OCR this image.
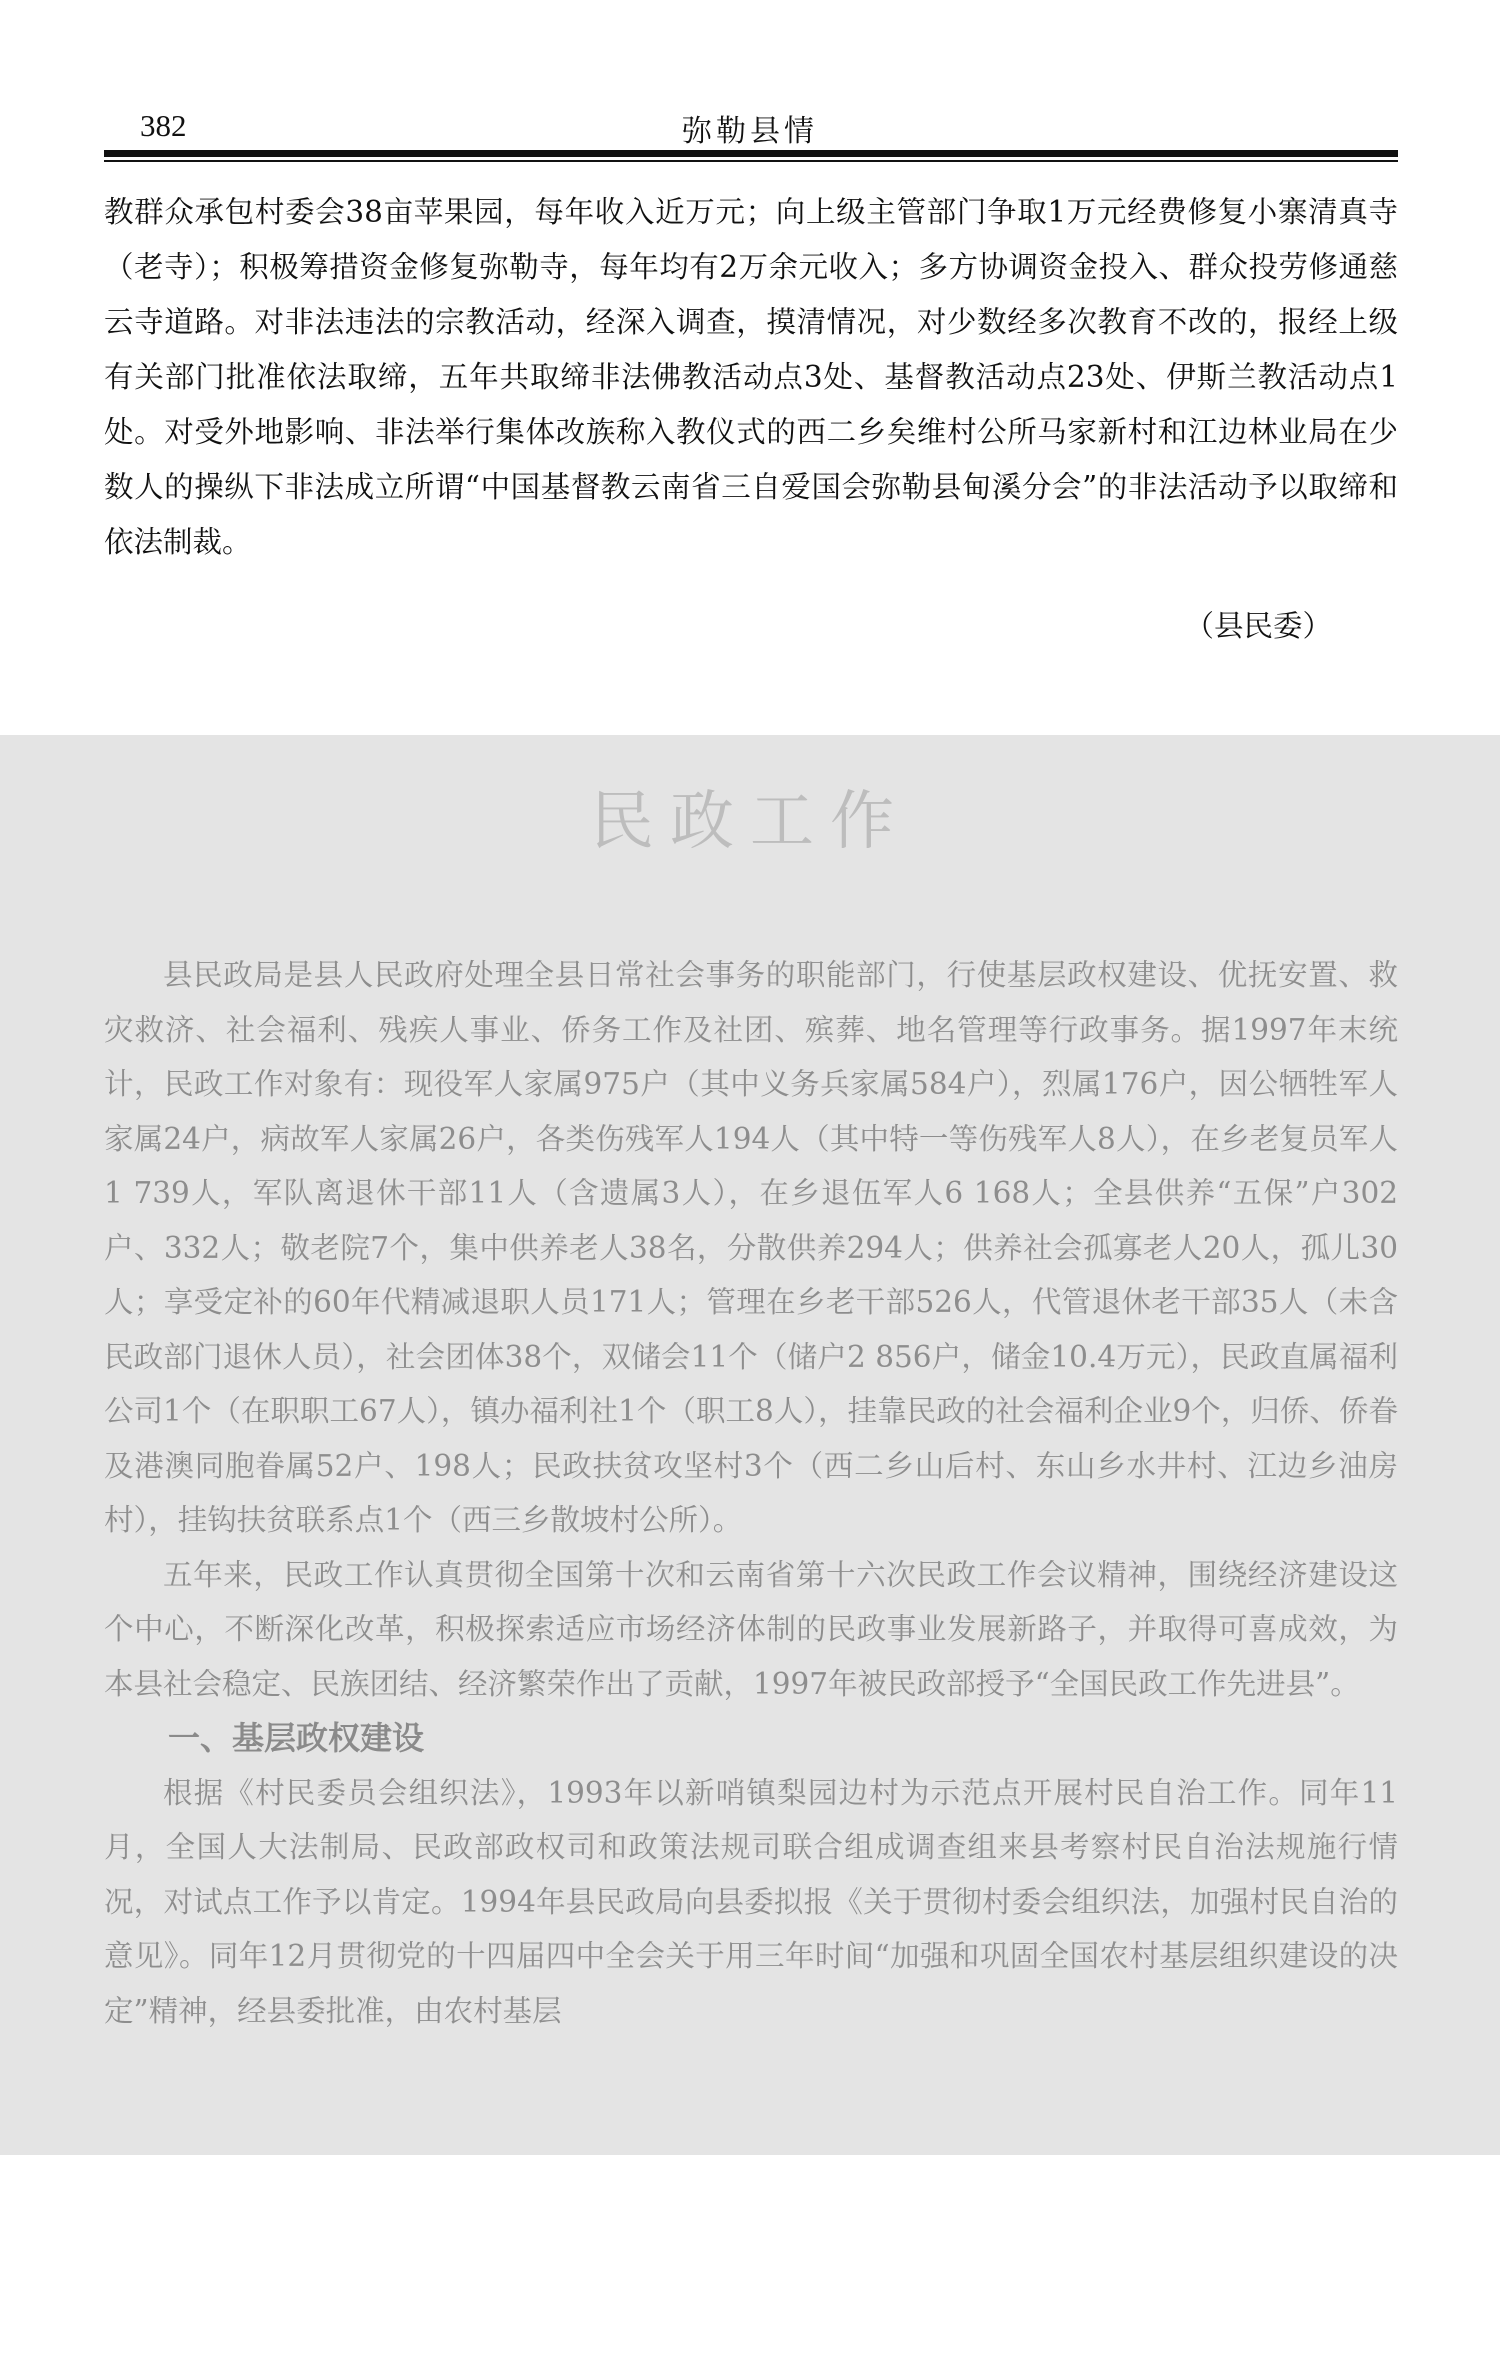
382	弥勒县情

教群众承包村委会38亩苹果园，每年收入近万元；向上级主管部门争取1万元经费修复小寨清真寺（老寺）；积极筹措资金修复弥勒寺，每年均有2万余元收入；多方协调资金投入、群众投劳修通慈云寺道路。对非法违法的宗教活动，经深入调查，摸清情况，对少数经多次教育不改的，报经上级有关部门批准依法取缔，五年共取缔非法佛教活动点3处、基督教活动点23处、伊斯兰教活动点1处。对受外地影响、非法举行集体改族称入教仪式的西二乡矣维村公所马家新村和江边林业局在少数人的操纵下非法成立所谓“中国基督教云南省三自爱国会弥勒县甸溪分会”的非法活动予以取缔和依法制裁。

（县民委）
民政工作

县民政局是县人民政府处理全县日常社会事务的职能部门，行使基层政权建设、优抚安置、救灾救济、社会福利、残疾人事业、侨务工作及社团、殡葬、地名管理等行政事务。据1997年末统计，民政工作对象有：现役军人家属975户（其中义务兵家属584户），烈属176户，因公牺牲军人家属24户，病故军人家属26户，各类伤残军人194人（其中特一等伤残军人8人），在乡老复员军人1 739人，军队离退休干部11人（含遗属3人），在乡退伍军人6 168人；全县供养“五保”户302户、332人；敬老院7个，集中供养老人38名，分散供养294人；供养社会孤寡老人20人，孤儿30人；享受定补的60年代精减退职人员171人；管理在乡老干部526人，代管退休老干部35人（未含民政部门退休人员），社会团体38个，双储会11个（储户2 856户，储金10.4万元），民政直属福利公司1个（在职职工67人），镇办福利社1个（职工8人），挂靠民政的社会福利企业9个，归侨、侨眷及港澳同胞眷属52户、198人；民政扶贫攻坚村3个（西二乡山后村、东山乡水井村、江边乡油房村），挂钩扶贫联系点1个（西三乡散坡村公所）。

五年来，民政工作认真贯彻全国第十次和云南省第十六次民政工作会议精神，围绕经济建设这个中心，不断深化改革，积极探索适应市场经济体制的民政事业发展新路子，并取得可喜成效，为本县社会稳定、民族团结、经济繁荣作出了贡献，1997年被民政部授予“全国民政工作先进县”。

一、基层政权建设

根据《村民委员会组织法》，1993年以新哨镇梨园边村为示范点开展村民自治工作。同年11月，全国人大法制局、民政部政权司和政策法规司联合组成调查组来县考察村民自治法规施行情况，对试点工作予以肯定。1994年县民政局向县委拟报《关于贯彻村委会组织法，加强村民自治的意见》。同年12月贯彻党的十四届四中全会关于用三年时间“加强和巩固全国农村基层组织建设的决定”精神，经县委批准，由农村基层
